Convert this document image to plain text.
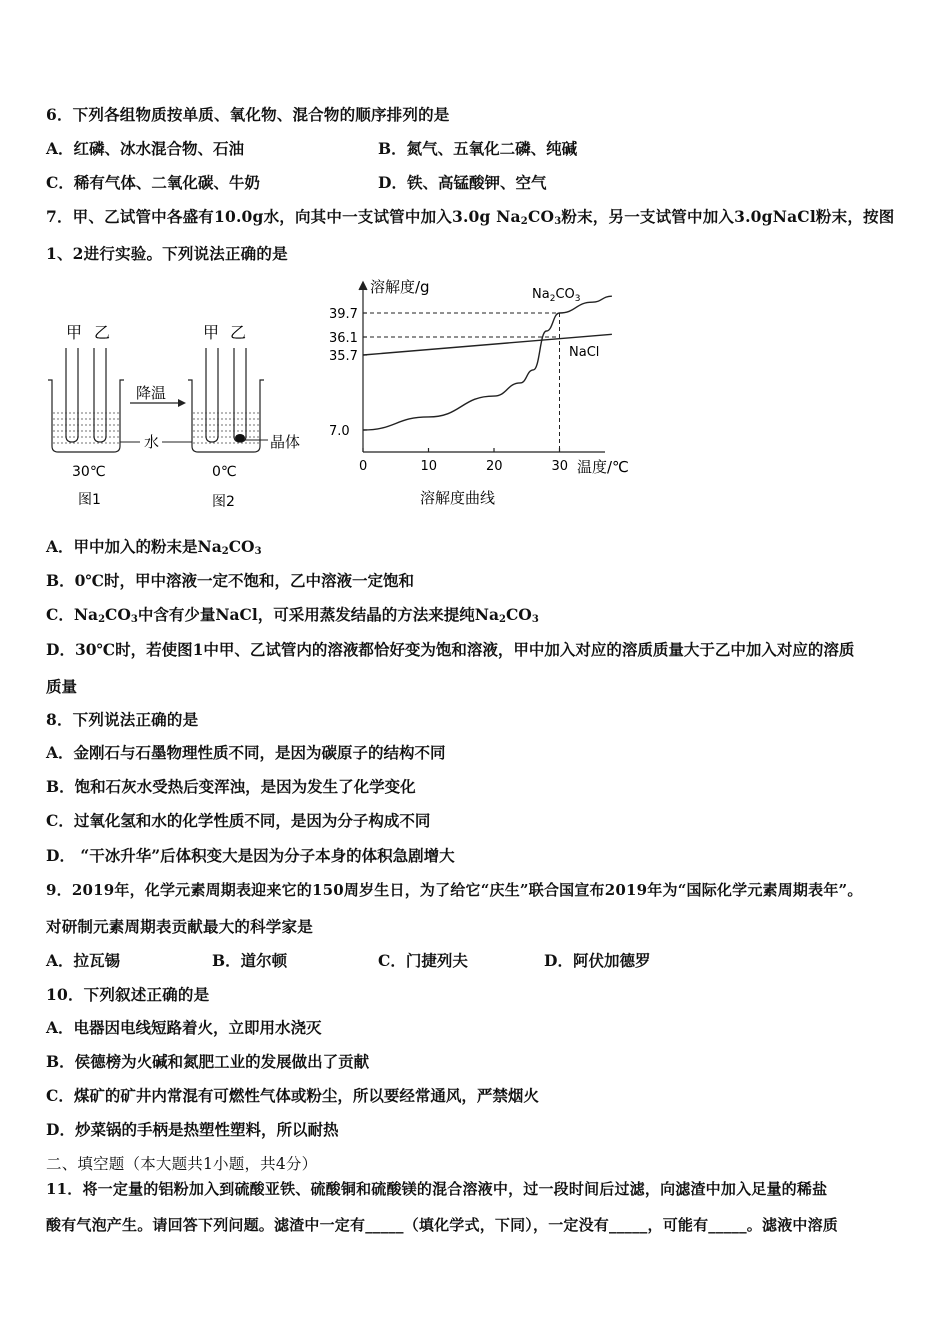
6．下列各组物质按单质、氧化物、混合物的顺序排列的是
A．红磷、冰水混合物、石油	B．氮气、五氧化二磷、纯碱
C．稀有气体、二氧化碳、牛奶	D．铁、高锰酸钾、空气
7．甲、乙试管中各盛有10.0g水，向其中一支试管中加入3.0g $Na_2CO_3$粉末，另一支试管中加入3.0gNaCl粉末，按图
1、2进行实验。下列说法正确的是
甲 乙	甲 乙
降温
水	晶体
30℃	0℃
图1	图2
0	10	20	30
7.0
35.7
36.1
39.7
溶解度/g
温度/℃
溶解度曲线
$Na_2CO_3$
NaCl
A．甲中加入的粉末是$Na_2CO_3$
B．0℃时，甲中溶液一定不饱和，乙中溶液一定饱和
C．$Na_2CO_3$中含有少量NaCl，可采用蒸发结晶的方法来提纯$Na_2CO_3$
D．30℃时，若使图1中甲、乙试管内的溶液都恰好变为饱和溶液，甲中加入对应的溶质质量大于乙中加入对应的溶质
质量
8．下列说法正确的是
A．金刚石与石墨物理性质不同，是因为碳原子的结构不同
B．饱和石灰水受热后变浑浊，是因为发生了化学变化
C．过氧化氢和水的化学性质不同，是因为分子构成不同
D． “干冰升华”后体积变大是因为分子本身的体积急剧增大
9．2019年，化学元素周期表迎来它的150周岁生日，为了给它“庆生”联合国宣布2019年为“国际化学元素周期表年”。
对研制元素周期表贡献最大的科学家是
A．拉瓦锡	B．道尔顿	C．门捷列夫	D．阿伏加德罗
10．下列叙述正确的是
A．电器因电线短路着火，立即用水浇灭
B．侯德榜为火碱和氮肥工业的发展做出了贡献
C．煤矿的矿井内常混有可燃性气体或粉尘，所以要经常通风，严禁烟火
D．炒菜锅的手柄是热塑性塑料，所以耐热
二、填空题（本大题共1小题，共4分）
11．将一定量的铝粉加入到硫酸亚铁、硫酸铜和硫酸镁的混合溶液中，过一段时间后过滤，向滤渣中加入足量的稀盐
酸有气泡产生。请回答下列问题。滤渣中一定有_____（填化学式，下同），一定没有_____，可能有_____。滤液中溶质
